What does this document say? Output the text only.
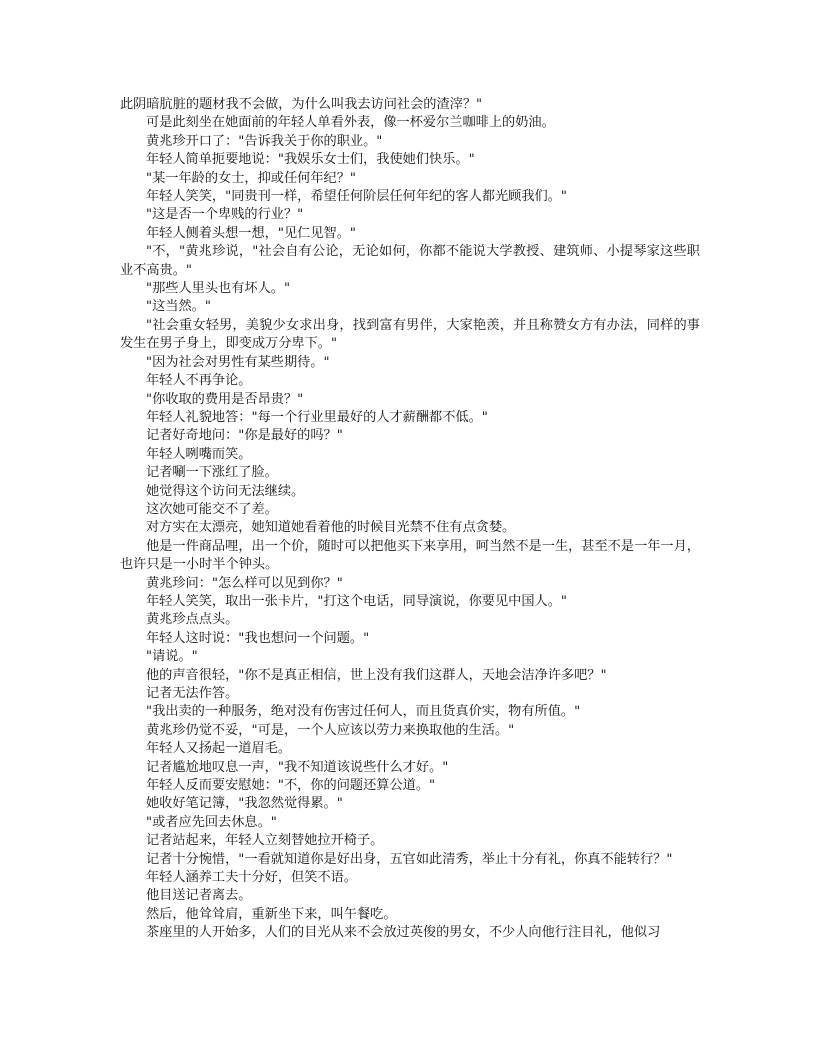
此阴暗肮脏的题材我不会做，为什么叫我去访问社会的渣滓？"

可是此刻坐在她面前的年轻人单看外表，像一杯爱尔兰咖啡上的奶油。

黄兆珍开口了："告诉我关于你的职业。"

年轻人简单扼要地说："我娱乐女士们，我使她们快乐。"

"某一年龄的女士，抑或任何年纪？"

年轻人笑笑，"同贵刊一样，希望任何阶层任何年纪的客人都光顾我们。"

"这是否一个卑贱的行业？"

年轻人侧着头想一想，"见仁见智。"

"不，"黄兆珍说，"社会自有公论，无论如何，你都不能说大学教授、建筑师、小提琴家这些职业不高贵。"

"那些人里头也有坏人。"

"这当然。"

"社会重女轻男，美貌少女求出身，找到富有男伴，大家艳羡，并且称赞女方有办法，同样的事发生在男子身上，即变成万分卑下。"

"因为社会对男性有某些期待。"

年轻人不再争论。

"你收取的费用是否昂贵？"

年轻人礼貌地答："每一个行业里最好的人才薪酬都不低。"

记者好奇地问："你是最好的吗？"

年轻人咧嘴而笑。

记者唰一下涨红了脸。

她觉得这个访问无法继续。

这次她可能交不了差。

对方实在太漂亮，她知道她看着他的时候目光禁不住有点贪婪。

他是一件商品哩，出一个价，随时可以把他买下来享用，呵当然不是一生，甚至不是一年一月，也许只是一小时半个钟头。

黄兆珍问："怎么样可以见到你？"

年轻人笑笑，取出一张卡片，"打这个电话，同导演说，你要见中国人。"

黄兆珍点点头。

年轻人这时说："我也想问一个问题。"

"请说。"

他的声音很轻，"你不是真正相信，世上没有我们这群人，天地会洁净许多吧？"

记者无法作答。

"我出卖的一种服务，绝对没有伤害过任何人，而且货真价实，物有所值。"

黄兆珍仍觉不妥，"可是，一个人应该以劳力来换取他的生活。"

年轻人又扬起一道眉毛。

记者尴尬地叹息一声，"我不知道该说些什么才好。"

年轻人反而要安慰她："不，你的问题还算公道。"

她收好笔记簿，"我忽然觉得累。"

"或者应先回去休息。"

记者站起来，年轻人立刻替她拉开椅子。

记者十分惋惜，"一看就知道你是好出身，五官如此清秀，举止十分有礼，你真不能转行？"

年轻人涵养工夫十分好，但笑不语。

他目送记者离去。

然后，他耸耸肩，重新坐下来，叫午餐吃。

茶座里的人开始多，人们的目光从来不会放过英俊的男女，不少人向他行注目礼，他似习
